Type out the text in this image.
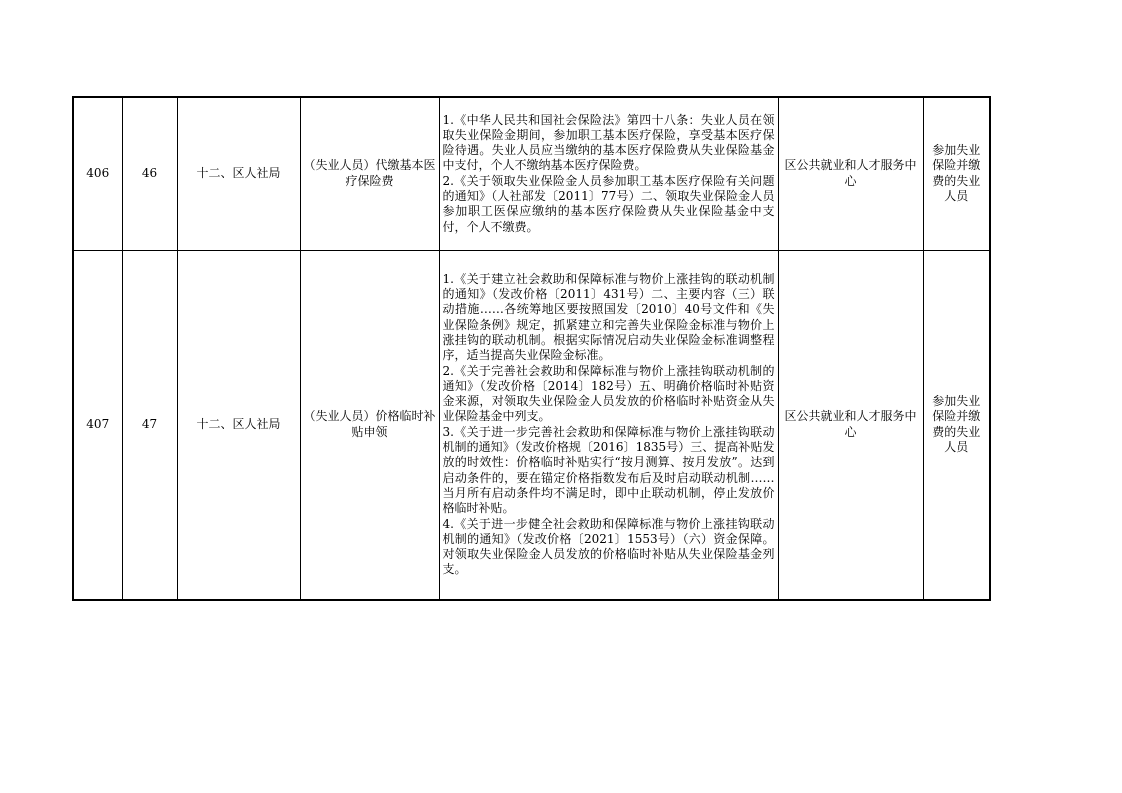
406	46	十二、区人社局	（失业人员）代缴基本医疗保险费	1.《中华人民共和国社会保险法》第四十八条：失业人员在领取失业保险金期间，参加职工基本医疗保险，享受基本医疗保险待遇。失业人员应当缴纳的基本医疗保险费从失业保险基金中支付，个人不缴纳基本医疗保险费。

2.《关于领取失业保险金人员参加职工基本医疗保险有关问题的通知》（人社部发〔2011〕77号）二、领取失业保险金人员参加职工医保应缴纳的基本医疗保险费从失业保险基金中支付，个人不缴费。	区公共就业和人才服务中心	参加失业保险并缴费的失业人员
407	47	十二、区人社局	（失业人员）价格临时补贴申领	1.《关于建立社会救助和保障标准与物价上涨挂钩的联动机制的通知》（发改价格〔2011〕431号）二、主要内容（三）联动措施……各统筹地区要按照国发〔2010〕40号文件和《失业保险条例》规定，抓紧建立和完善失业保险金标准与物价上涨挂钩的联动机制。根据实际情况启动失业保险金标准调整程序，适当提高失业保险金标准。

2.《关于完善社会救助和保障标准与物价上涨挂钩联动机制的通知》（发改价格〔2014〕182号）五、明确价格临时补贴资金来源，对领取失业保险金人员发放的价格临时补贴资金从失业保险基金中列支。

3.《关于进一步完善社会救助和保障标准与物价上涨挂钩联动机制的通知》（发改价格规〔2016〕1835号）三、提高补贴发放的时效性：价格临时补贴实行“按月测算、按月发放”。达到启动条件的，要在锚定价格指数发布后及时启动联动机制……当月所有启动条件均不满足时，即中止联动机制，停止发放价格临时补贴。

4.《关于进一步健全社会救助和保障标准与物价上涨挂钩联动机制的通知》（发改价格〔2021〕1553号）（六）资金保障。对领取失业保险金人员发放的价格临时补贴从失业保险基金列支。	区公共就业和人才服务中心	参加失业保险并缴费的失业人员
